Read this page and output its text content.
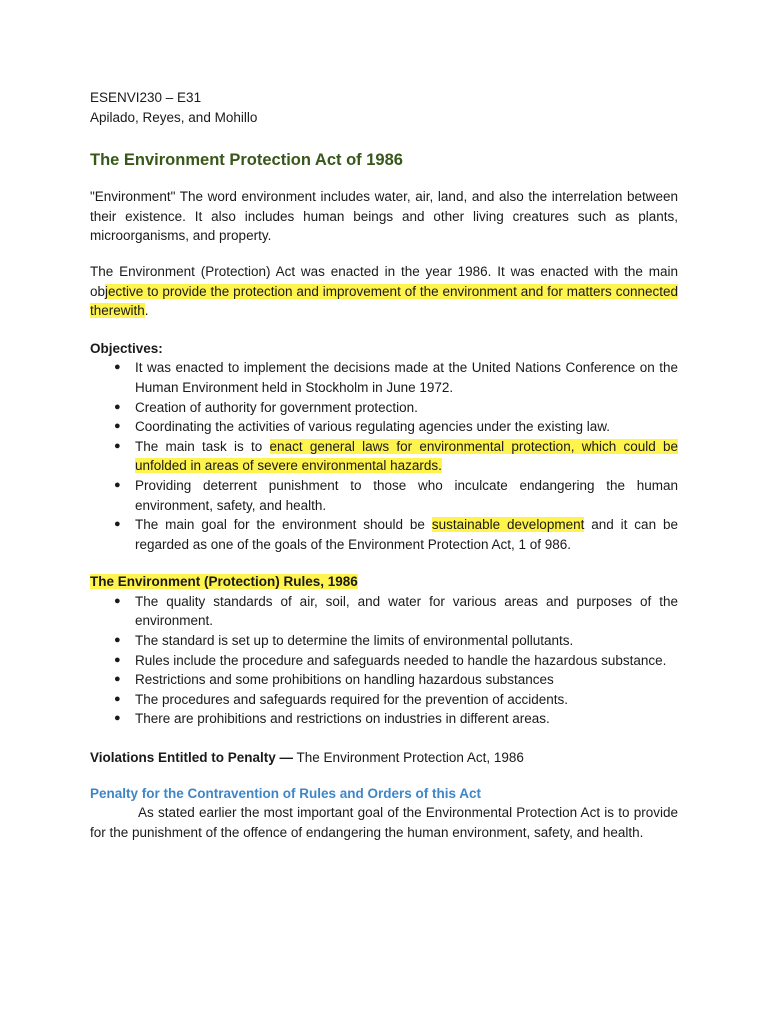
ESENVI230 – E31
Apilado, Reyes, and Mohillo
The Environment Protection Act of 1986
"Environment" The word environment includes water, air, land, and also the interrelation between their existence. It also includes human beings and other living creatures such as plants, microorganisms, and property.
The Environment (Protection) Act was enacted in the year 1986. It was enacted with the main objective to provide the protection and improvement of the environment and for matters connected therewith.
Objectives:
● It was enacted to implement the decisions made at the United Nations Conference on the Human Environment held in Stockholm in June 1972.
● Creation of authority for government protection.
● Coordinating the activities of various regulating agencies under the existing law.
● The main task is to enact general laws for environmental protection, which could be unfolded in areas of severe environmental hazards.
● Providing deterrent punishment to those who inculcate endangering the human environment, safety, and health.
● The main goal for the environment should be sustainable development and it can be regarded as one of the goals of the Environment Protection Act, 1 of 986.
The Environment (Protection) Rules, 1986
● The quality standards of air, soil, and water for various areas and purposes of the environment.
● The standard is set up to determine the limits of environmental pollutants.
● Rules include the procedure and safeguards needed to handle the hazardous substance.
● Restrictions and some prohibitions on handling hazardous substances
● The procedures and safeguards required for the prevention of accidents.
● There are prohibitions and restrictions on industries in different areas.
Violations Entitled to Penalty — The Environment Protection Act, 1986
Penalty for the Contravention of Rules and Orders of this Act
As stated earlier the most important goal of the Environmental Protection Act is to provide for the punishment of the offence of endangering the human environment, safety, and health.
